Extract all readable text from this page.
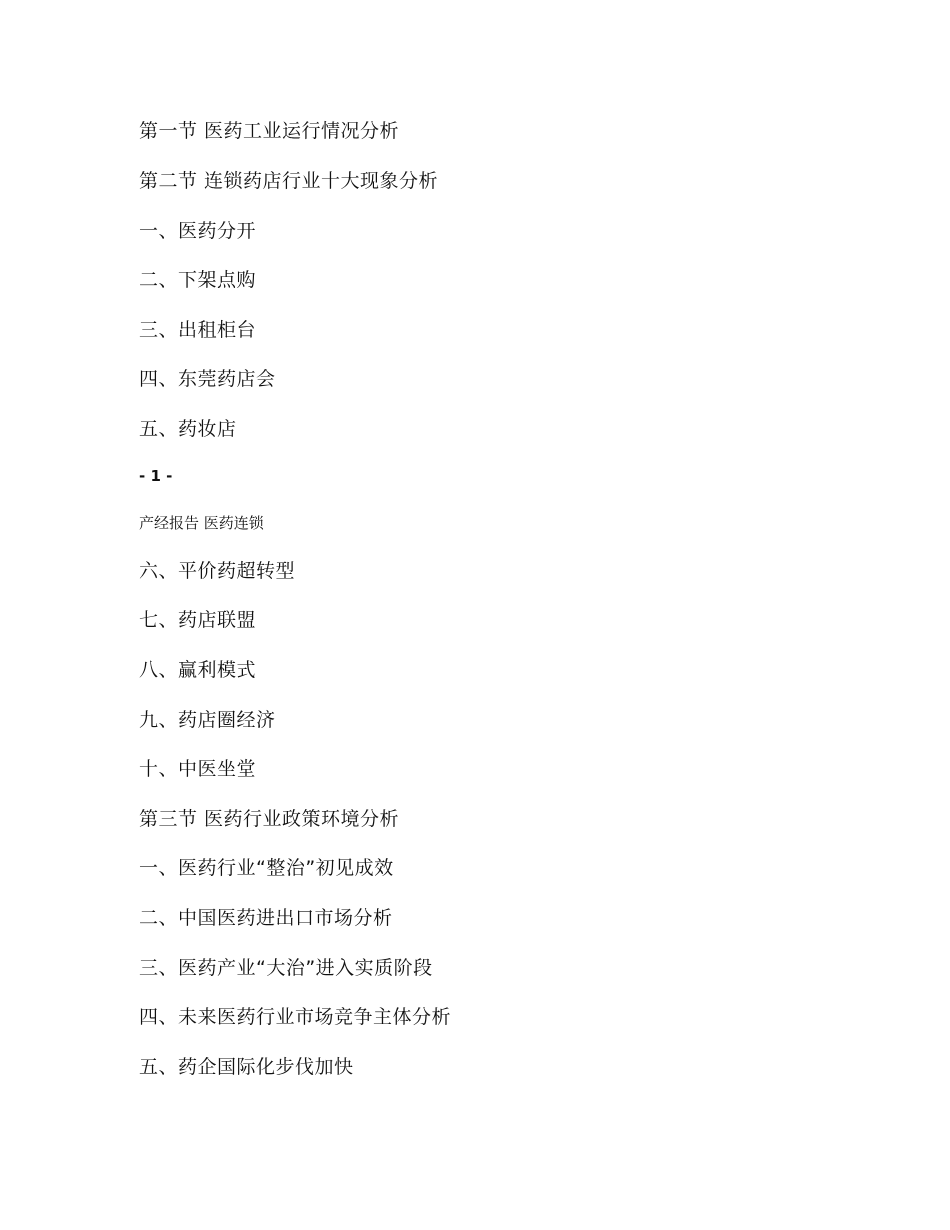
第一节 医药工业运行情况分析
第二节 连锁药店行业十大现象分析
一、医药分开
二、下架点购
三、出租柜台
四、东莞药店会
五、药妆店
- 1 -
产经报告 医药连锁
六、平价药超转型
七、药店联盟
八、赢利模式
九、药店圈经济
十、中医坐堂
第三节 医药行业政策环境分析
一、医药行业“整治”初见成效
二、中国医药进出口市场分析
三、医药产业“大治”进入实质阶段
四、未来医药行业市场竞争主体分析
五、药企国际化步伐加快
